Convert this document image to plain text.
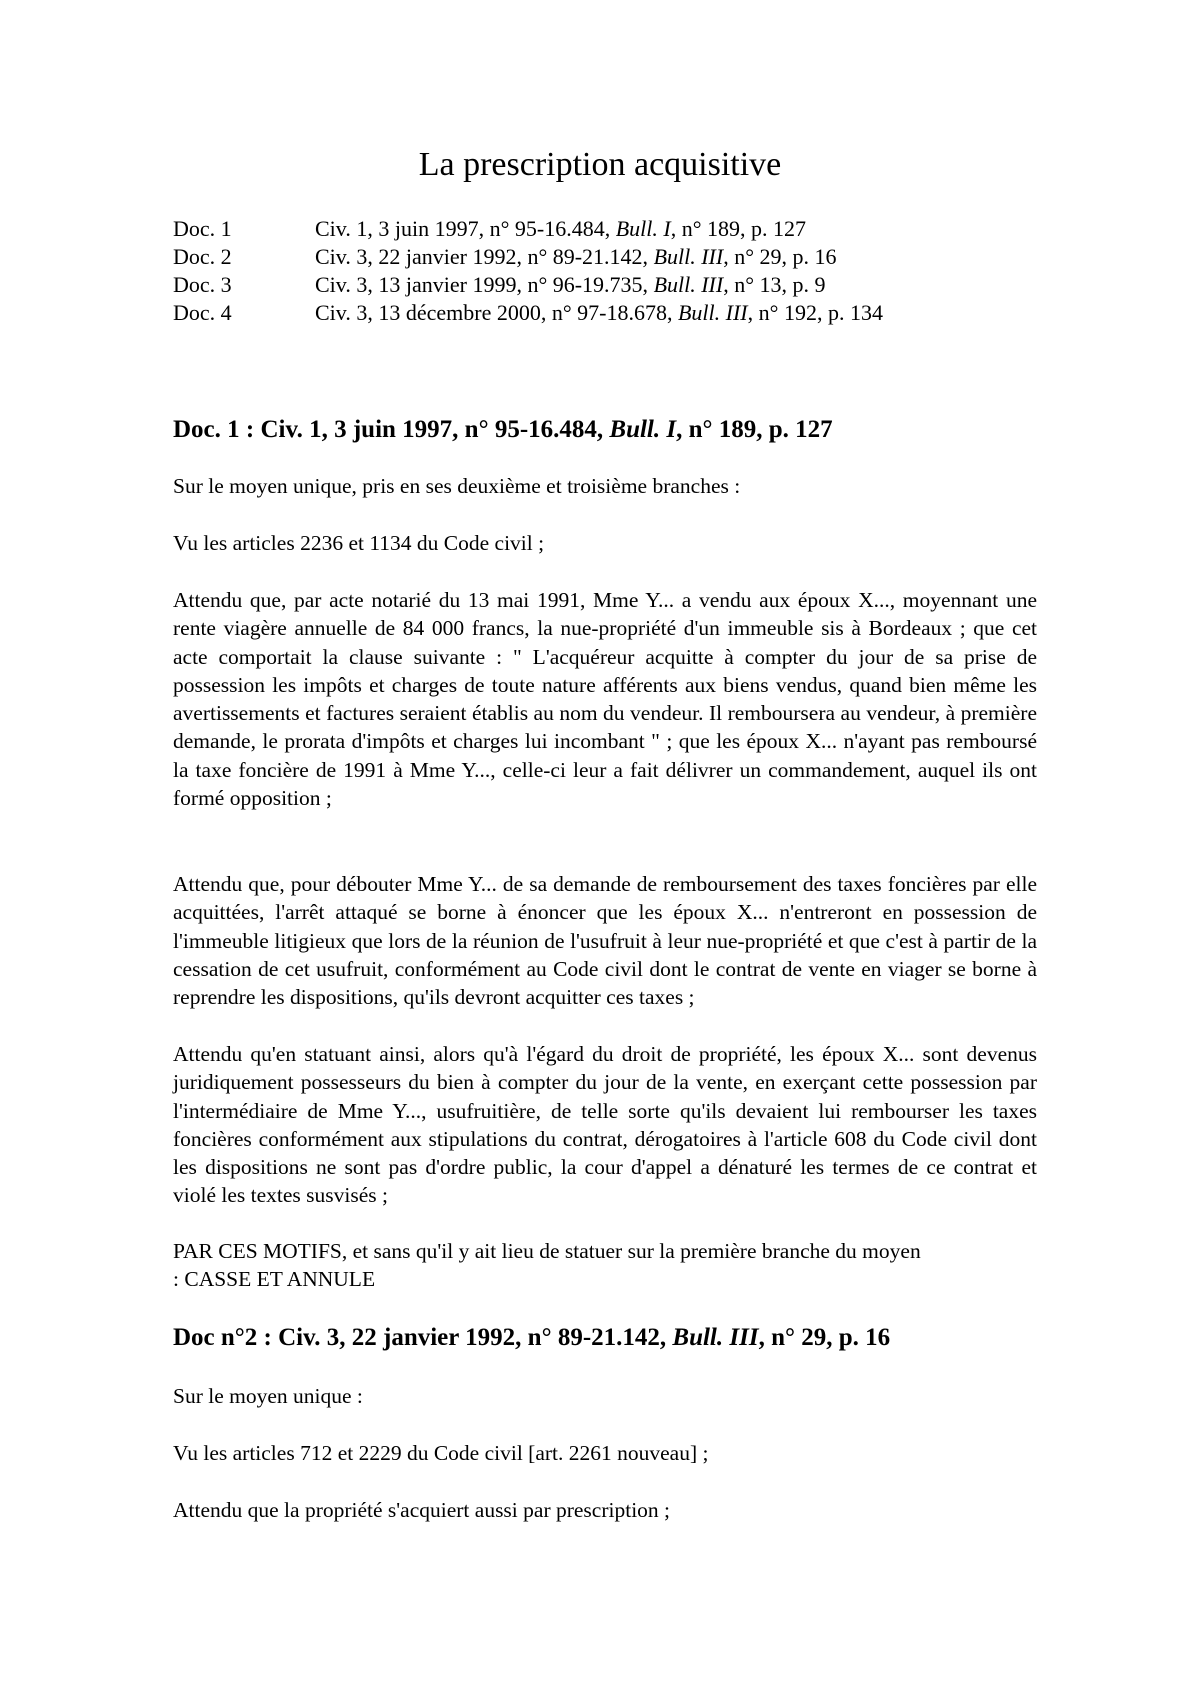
La prescription acquisitive
Doc. 1	Civ. 1, 3 juin 1997, n° 95-16.484, Bull. I, n° 189, p. 127
Doc. 2	Civ. 3, 22 janvier 1992, n° 89-21.142, Bull. III, n° 29, p. 16
Doc. 3	Civ. 3, 13 janvier 1999, n° 96-19.735, Bull. III, n° 13, p. 9
Doc. 4	Civ. 3, 13 décembre 2000, n° 97-18.678, Bull. III, n° 192, p. 134
Doc. 1 : Civ. 1, 3 juin 1997, n° 95-16.484, Bull. I, n° 189, p. 127

Sur le moyen unique, pris en ses deuxième et troisième branches :

Vu les articles 2236 et 1134 du Code civil ;

Attendu que, par acte notarié du 13 mai 1991, Mme Y... a vendu aux époux X..., moyennant une rente viagère annuelle de 84 000 francs, la nue-propriété d'un immeuble sis à Bordeaux ; que cet acte comportait la clause suivante : " L'acquéreur acquitte à compter du jour de sa prise de possession les impôts et charges de toute nature afférents aux biens vendus, quand bien même les avertissements et factures seraient établis au nom du vendeur. Il remboursera au vendeur, à première demande, le prorata d'impôts et charges lui incombant " ; que les époux X... n'ayant pas remboursé la taxe foncière de 1991 à Mme Y..., celle-ci leur a fait délivrer un commandement, auquel ils ont formé opposition ;

Attendu que, pour débouter Mme Y... de sa demande de remboursement des taxes foncières par elle acquittées, l'arrêt attaqué se borne à énoncer que les époux X... n'entreront en possession de l'immeuble litigieux que lors de la réunion de l'usufruit à leur nue-propriété et que c'est à partir de la cessation de cet usufruit, conformément au Code civil dont le contrat de vente en viager se borne à reprendre les dispositions, qu'ils devront acquitter ces taxes ;

Attendu qu'en statuant ainsi, alors qu'à l'égard du droit de propriété, les époux X... sont devenus juridiquement possesseurs du bien à compter du jour de la vente, en exerçant cette possession par l'intermédiaire de Mme Y..., usufruitière, de telle sorte qu'ils devaient lui rembourser les taxes foncières conformément aux stipulations du contrat, dérogatoires à l'article 608 du Code civil dont les dispositions ne sont pas d'ordre public, la cour d'appel a dénaturé les termes de ce contrat et violé les textes susvisés ;

PAR CES MOTIFS, et sans qu'il y ait lieu de statuer sur la première branche du moyen

: CASSE ET ANNULE

Doc n°2 : Civ. 3, 22 janvier 1992, n° 89-21.142, Bull. III, n° 29, p. 16

Sur le moyen unique :

Vu les articles 712 et 2229 du Code civil [art. 2261 nouveau] ;

Attendu que la propriété s'acquiert aussi par prescription ;
